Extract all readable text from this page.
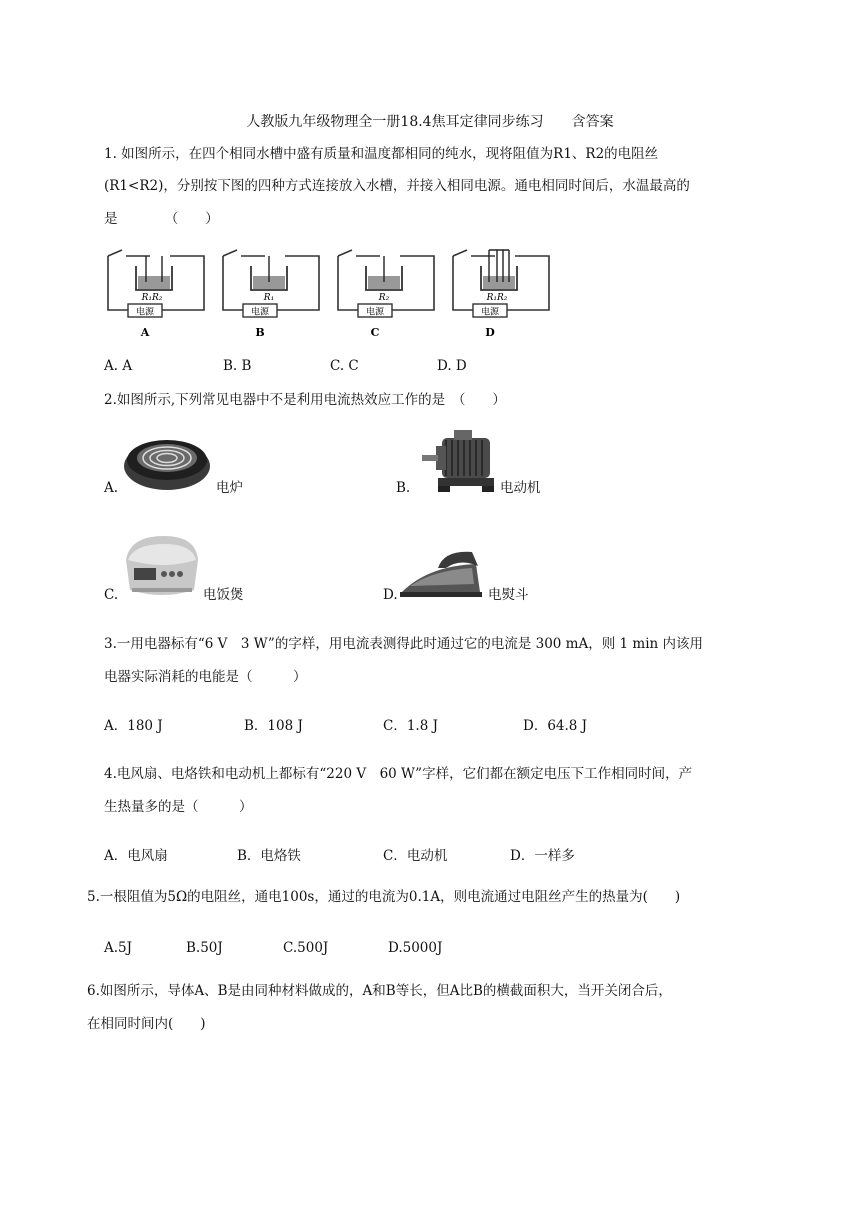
人教版九年级物理全一册18.4焦耳定律同步练习　　含答案
1. 如图所示，在四个相同水槽中盛有质量和温度都相同的纯水，现将阻值为R1、R2的电阻丝
(R1<R2)，分别按下图的四种方式连接放入水槽，并接入相同电源。通电相同时间后，水温最高的
是　　　　（　　）
电源
R₁R₂
A
电源
R₁
B
电源
R₂
C
电源
R₁R₂
D
A. A	B. B	C. C	D. D
2.如图所示,下列常见电器中不是利用电流热效应工作的是　（　　）
A.	电炉	B.	电动机
C.	电饭煲	D.	电熨斗
3.一用电器标有“6 V　3 W”的字样，用电流表测得此时通过它的电流是 300 mA，则 1 min 内该用
电器实际消耗的电能是（　　　）
A．180 J	B．108 J	C．1.8 J	D．64.8 J
4.电风扇、电烙铁和电动机上都标有“220 V　60 W”字样，它们都在额定电压下工作相同时间，产
生热量多的是（　　　）
A．电风扇	B．电烙铁	C．电动机	D．一样多
5.一根阻值为5Ω的电阻丝，通电100s，通过的电流为0.1A，则电流通过电阻丝产生的热量为(　　)
A.5J	B.50J	C.500J	D.5000J
6.如图所示，导体A、B是由同种材料做成的，A和B等长，但A比B的横截面积大，当开关闭合后，
在相同时间内(　　)
